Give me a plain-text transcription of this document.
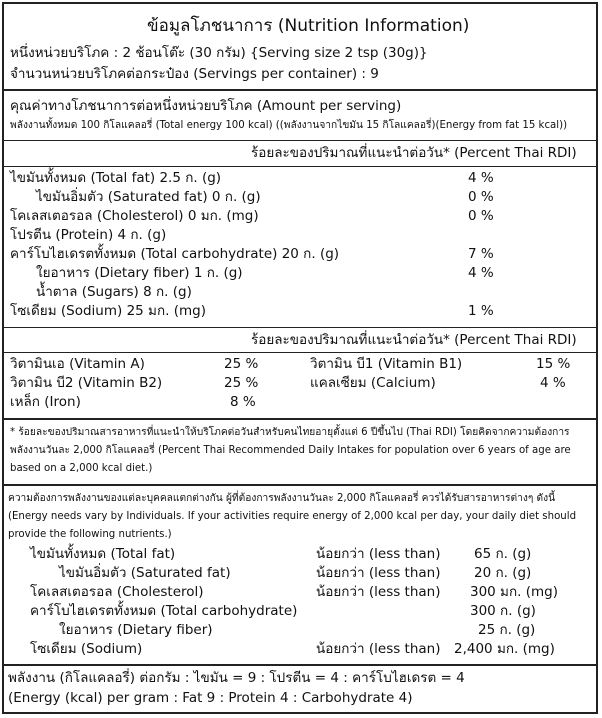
ข้อมูลโภชนาการ (Nutrition Information)
หนึ่งหน่วยบริโภค : 2 ช้อนโต๊ะ (30 กรัม) {Serving size 2 tsp (30g)}
จำนวนหน่วยบริโภคต่อกระป๋อง (Servings per container) : 9
คุณค่าทางโภชนาการต่อหนึ่งหน่วยบริโภค (Amount per serving)
พลังงานทั้งหมด 100 กิโลแคลอรี่ (Total energy 100 kcal) ((พลังงานจากไขมัน 15 กิโลแคลอรี่)(Energy from fat 15 kcal))
ร้อยละของปริมาณที่แนะนำต่อวัน* (Percent Thai RDI)
ไขมันทั้งหมด (Total fat) 2.5 ก. (g)	4 %
ไขมันอิ่มตัว (Saturated fat) 0 ก. (g)	0 %
โคเลสเตอรอล (Cholesterol) 0 มก. (mg)	0 %
โปรตีน (Protein) 4 ก. (g)
คาร์โบไฮเดรตทั้งหมด (Total carbohydrate) 20 ก. (g)	7 %
ใยอาหาร (Dietary fiber) 1 ก. (g)	4 %
น้ำตาล (Sugars) 8 ก. (g)
โซเดียม (Sodium) 25 มก. (mg)	1 %
ร้อยละของปริมาณที่แนะนำต่อวัน* (Percent Thai RDI)
วิตามินเอ (Vitamin A)	25 %	วิตามิน บี1 (Vitamin B1)	15 %
วิตามิน บี2 (Vitamin B2)	25 %	แคลเซียม (Calcium)	4 %
เหล็ก (Iron)	8 %
* ร้อยละของปริมาณสารอาหารที่แนะนำให้บริโภคต่อวันสำหรับคนไทยอายุตั้งแต่ 6 ปีขึ้นไป (Thai RDI) โดยคิดจากความต้องการ
พลังงานวันละ 2,000 กิโลแคลอรี่ (Percent Thai Recommended Daily Intakes for population over 6 years of age are
based on a 2,000 kcal diet.)
ความต้องการพลังงานของแต่ละบุคคลแตกต่างกัน ผู้ที่ต้องการพลังงานวันละ 2,000 กิโลแคลอรี่ ควรได้รับสารอาหารต่างๆ ดังนี้
(Energy needs vary by Individuals. If your activities require energy of 2,000 kcal per day, your daily diet should
provide the following nutrients.)
ไขมันทั้งหมด (Total fat)	น้อยกว่า (less than) 65 ก. (g)
ไขมันอิ่มตัว (Saturated fat)	น้อยกว่า (less than) 20 ก. (g)
โคเลสเตอรอล (Cholesterol)	น้อยกว่า (less than) 300 มก. (mg)
คาร์โบไฮเดรตทั้งหมด (Total carbohydrate)	300 ก. (g)
ใยอาหาร (Dietary fiber)	25 ก. (g)
โซเดียม (Sodium)	น้อยกว่า (less than) 2,400 มก. (mg)
พลังงาน (กิโลแคลอรี่) ต่อกรัม : ไขมัน = 9 : โปรตีน = 4 : คาร์โบไฮเดรต = 4
(Energy (kcal) per gram : Fat 9 : Protein 4 : Carbohydrate 4)
